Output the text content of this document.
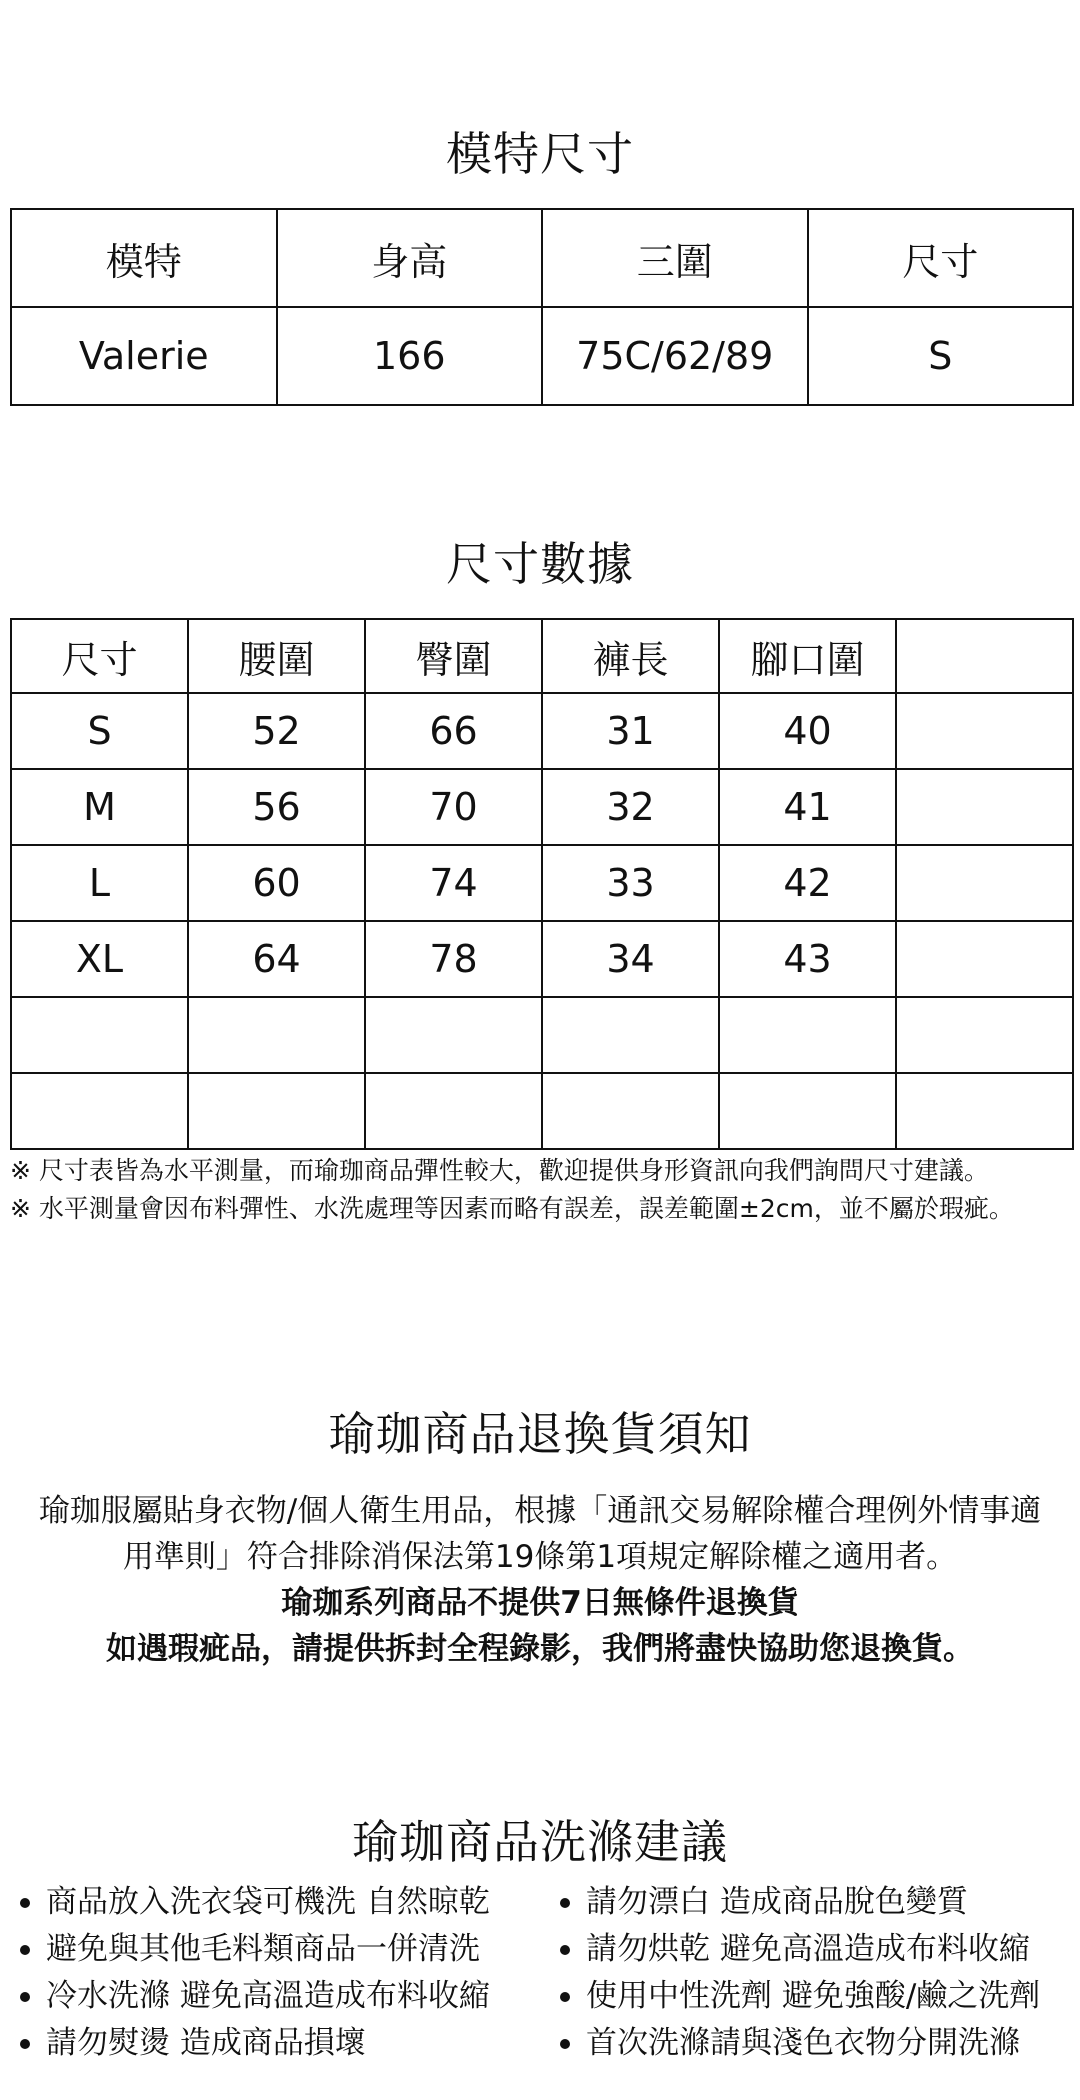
模特尺寸
模特	身高	三圍	尺寸
Valerie	166	75C/62/89	S
尺寸數據
尺寸	腰圍	臀圍	褲長	腳口圍	
S	52	66	31	40	
M	56	70	32	41	
L	60	74	33	42	
XL	64	78	34	43	

※ 尺寸表皆為水平測量，而瑜珈商品彈性較大，歡迎提供身形資訊向我們詢問尺寸建議。
※ 水平測量會因布料彈性、水洗處理等因素而略有誤差，誤差範圍±2cm，並不屬於瑕疵。
瑜珈商品退換貨須知
瑜珈服屬貼身衣物/個人衛生用品，根據「通訊交易解除權合理例外情事適
用準則」符合排除消保法第19條第1項規定解除權之適用者。
瑜珈系列商品不提供7日無條件退換貨
如遇瑕疵品，請提供拆封全程錄影，我們將盡快協助您退換貨。
瑜珈商品洗滌建議
商品放入洗衣袋可機洗 自然晾乾	請勿漂白 造成商品脫色變質
避免與其他毛料類商品一併清洗	請勿烘乾 避免高溫造成布料收縮
冷水洗滌 避免高溫造成布料收縮	使用中性洗劑 避免強酸/鹼之洗劑
請勿熨燙 造成商品損壞	首次洗滌請與淺色衣物分開洗滌
